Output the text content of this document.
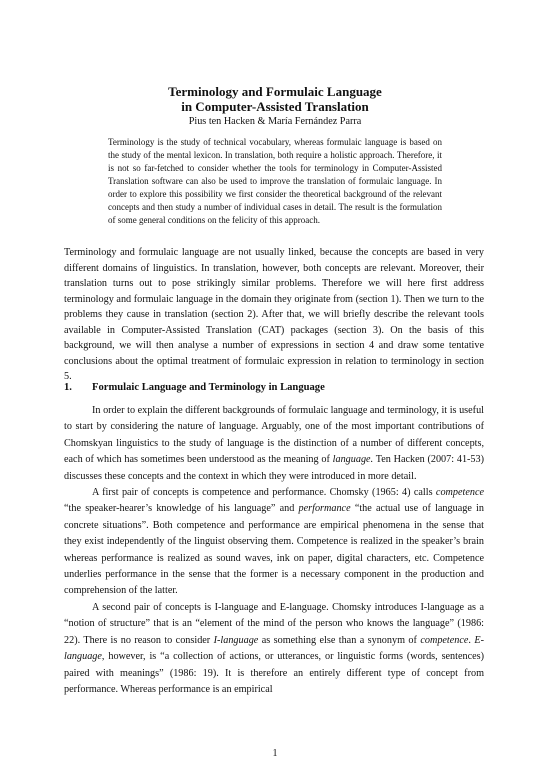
Terminology and Formulaic Language
in Computer-Assisted Translation
Pius ten Hacken & María Fernández Parra

Terminology is the study of technical vocabulary, whereas formulaic language is based on the study of the mental lexicon. In translation, both require a holistic approach. Therefore, it is not so far-fetched to consider whether the tools for terminology in Computer-Assisted Translation software can also be used to improve the translation of formulaic language. In order to explore this possibility we first consider the theoretical background of the relevant concepts and then study a number of individual cases in detail. The result is the formulation of some general conditions on the felicity of this approach.

Terminology and formulaic language are not usually linked, because the concepts are based in very different domains of linguistics. In translation, however, both concepts are relevant. Moreover, their translation turns out to pose strikingly similar problems. Therefore we will here first address terminology and formulaic language in the domain they originate from (section 1). Then we turn to the problems they cause in translation (section 2). After that, we will briefly describe the relevant tools available in Computer-Assisted Translation (CAT) packages (section 3). On the basis of this background, we will then analyse a number of expressions in section 4 and draw some tentative conclusions about the optimal treatment of formulaic expression in relation to terminology in section 5.

1. Formulaic Language and Terminology in Language

In order to explain the different backgrounds of formulaic language and terminology, it is useful to start by considering the nature of language. Arguably, one of the most important contributions of Chomskyan linguistics to the study of language is the distinction of a number of different concepts, each of which has sometimes been understood as the meaning of language. Ten Hacken (2007: 41-53) discusses these concepts and the context in which they were introduced in more detail.

A first pair of concepts is competence and performance. Chomsky (1965: 4) calls competence “the speaker-hearer’s knowledge of his language” and performance “the actual use of language in concrete situations”. Both competence and performance are empirical phenomena in the sense that they exist independently of the linguist observing them. Competence is realized in the speaker’s brain whereas performance is realized as sound waves, ink on paper, digital characters, etc. Competence underlies performance in the sense that the former is a necessary component in the production and comprehension of the latter.

A second pair of concepts is I-language and E-language. Chomsky introduces I-language as a “notion of structure” that is an “element of the mind of the person who knows the language” (1986: 22). There is no reason to consider I-language as something else than a synonym of competence. E-language, however, is “a collection of actions, or utterances, or linguistic forms (words, sentences) paired with meanings” (1986: 19). It is therefore an entirely different type of concept from performance. Whereas performance is an empirical

1
